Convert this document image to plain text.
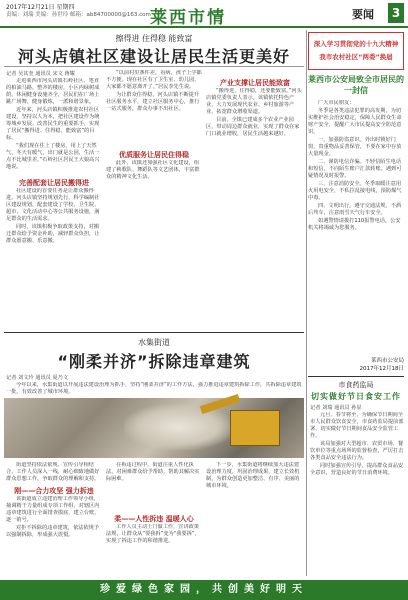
2017年12月21日 星期四
责编：刘瑞 美编：孙世玲 邮箱：ab84700000@163.com 莱西市情	要闻	3
擦得进 住得稳 能致富
河头店镇社区建设让居民生活更美好
记者 吴其奎 通讯员 宋文 蒋耀

走进莱西市河头店镇石岭社区，笔直的柏油马路，整齐的楼房，小区内绿树成荫，休闲健身设施齐全，居民们在广场上跳广场舞、健身锻炼，一派和谐景象。

近年来，河头店镇积极推进农村社区建设，坚持以人为本，把社区建设作为统筹城乡发展、改善民生的重要抓手，实现了居民“搬得进、住得稳、能致富”的目标。

“我们现在住上了楼房，用上了天然气，冬天有暖气，出门就是公园，生活一点不比城里差。”石岭社区居民王大娘高兴地说。

完善配套让居民搬得进

社区建设的首要任务是让群众搬得进。河头店镇坚持规划先行，科学编制社区建设规划，配套建设了学校、卫生院、超市、文化活动中心等公共服务设施，满足群众的生活需求。

同时，该镇积极争取政策支持，对搬迁群众给予资金补助，减轻群众负担，让群众愿意搬、乐意搬。

“以前村里条件差，看病、孩子上学都不方便。现在社区有了卫生室、幼儿园，大家都不愿意离开了。”居民李先生说。

为让群众住得稳，河头店镇不断提升社区服务水平，建立社区服务中心，推行一站式服务，群众办事不出社区。

优质服务让居民住得稳

此外，该镇还加强社区文化建设，组建了秧歌队、舞蹈队等文艺团体，丰富群众的精神文化生活。

产业支撑让居民能致富

“搬得进、住得稳，还要能致富。”河头店镇党委负责人表示。该镇依托特色产业，大力发展现代农业、乡村旅游等产业，拓宽群众增收渠道。

目前，全镇已建成多个农业产业园区，带动周边群众就业，实现了群众在家门口就业增收，居民生活越来越好。

深入学习贯彻党的十九大精神
我市农村社区“两委”换届
莱西市公安局致全市居民的一封信

广大市民朋友：

冬季是各类违法犯罪的高发期，为切实维护社会治安稳定，保障人民群众生命财产安全，提醒广大市民提高安全防范意识。

一、加强防盗意识。外出时锁好门窗，贵重物品妥善保管，不要在家中存放大量现金。

二、谨防电信诈骗。不轻信陌生电话和短信，不向陌生账户汇款转账，遇到可疑情况及时报警。

三、注意消防安全。冬季取暖注意用火用电安全，不私拉乱接电线，预防煤气中毒。

四、文明出行。遵守交通法规，不酒后驾车，注意雨雪天气行车安全。

如遇警情请拨打110报警电话，公安机关将竭诚为您服务。

莱西市公安局
2017年12月18日
水集街道
“刚柔并济”拆除违章建筑
记者 刘文玲 通讯员 夏乃文

今年以来，水集街道以开展违法建设治理为抓手，坚持“刚柔并济”的工作方法，强力推进违章建筑拆除工作，共拆除违章建筑一批，有效改善了城市环境。

街道坚持依法依规、宣传引导相结合，工作人员深入一线，耐心细致地做好群众思想工作，争取群众的理解和支持。

刚——合力攻坚 强力拆违

该街道成立违建治理工作领导小组，抽调精干力量组成专项工作组，对辖区内违章建筑进行全面排查摸底，建立台账，逐一销号。

对拒不拆除的违章建筑，依法依规予以强制拆除，形成强大震慑。

在拆违过程中，街道注重人性化执法，对困难群众给予帮助，帮助其解决实际困难。

柔——人性拆违 温暖人心

工作人员主动上门做工作，宣讲政策法规，让群众从“要我拆”变为“我要拆”，实现了拆违工作的和谐推进。

下一步，水集街道将继续加大违法建设治理力度，巩固治理成果，建立长效机制，为群众创造更加整洁、有序、美丽的城市环境。

市食药监局
切实做好节日食安工作
记者 刘瑞 通讯员 孙显

元旦、春节将至，为确保节日期间全市人民群众饮食安全，市食药监局提前部署，切实做好节日期间食品安全监管工作。

该局加强对大型超市、农贸市场、餐饮单位等重点场所的监督检查，严厉打击各类食品安全违法行为。

同时加强宣传引导，提高群众食品安全意识，营造良好的节日消费环境。

珍爱绿色家园，共创美好明天
